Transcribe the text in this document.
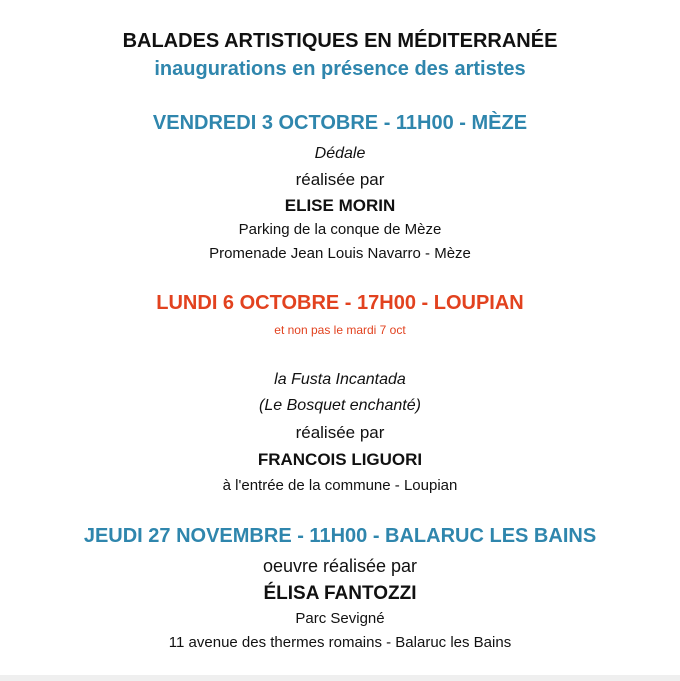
BALADES ARTISTIQUES EN MÉDITERRANÉE
inaugurations en présence des artistes
VENDREDI 3 OCTOBRE - 11H00 - MÈZE
Dédale
réalisée par
ELISE MORIN
Parking de la conque de Mèze
Promenade Jean Louis Navarro - Mèze
LUNDI 6 OCTOBRE - 17H00 - LOUPIAN
et non pas le mardi 7 oct
la Fusta Incantada
(Le Bosquet enchanté)
réalisée par
FRANCOIS LIGUORI
à l'entrée de la commune - Loupian
JEUDI 27 NOVEMBRE - 11H00 - BALARUC LES BAINS
oeuvre réalisée par
ÉLISA FANTOZZI
Parc Sevigné
11 avenue des thermes romains - Balaruc les Bains
